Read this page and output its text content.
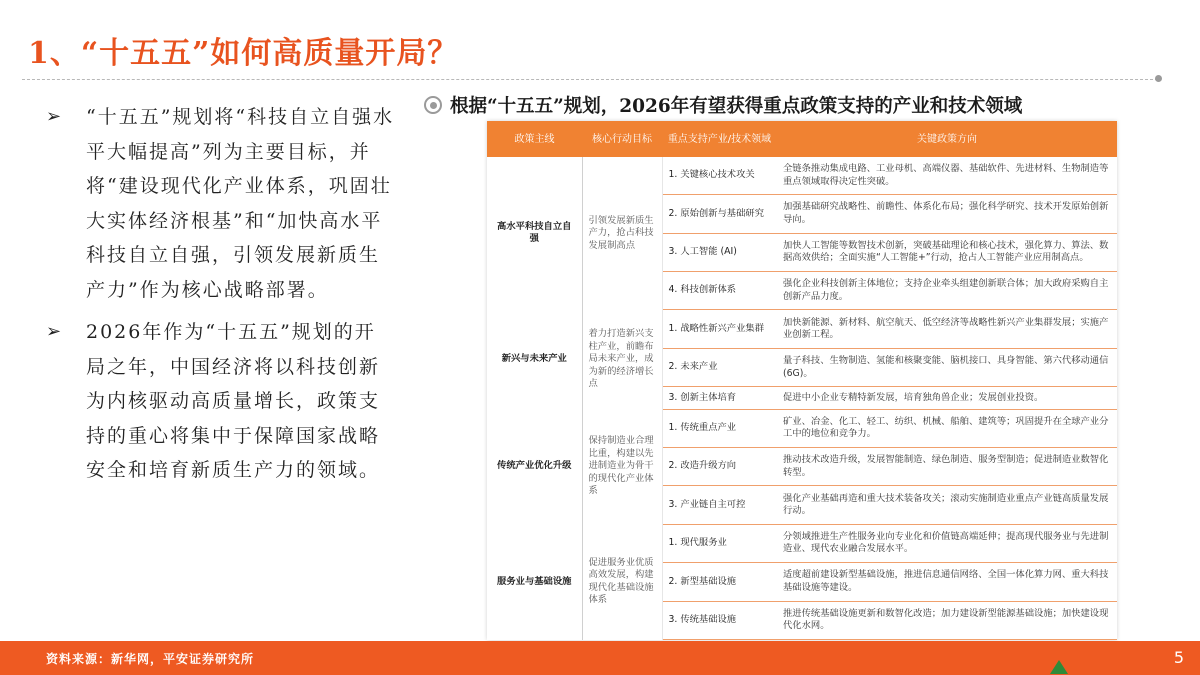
1、“十五五”如何高质量开局？
➢	“十五五”规划将“科技自立自强水平大幅提高”列为主要目标，并将“建设现代化产业体系，巩固壮大实体经济根基”和“加快高水平科技自立自强，引领发展新质生产力”作为核心战略部署。
➢	2026年作为“十五五”规划的开局之年，中国经济将以科技创新为内核驱动高质量增长，政策支持的重心将集中于保障国家战略安全和培育新质生产力的领域。
根据“十五五”规划，2026年有望获得重点政策支持的产业和技术领域
政策主线	核心行动目标	重点支持产业/技术领域	关键政策方向
高水平科技自立自强	引领发展新质生产力，抢占科技发展制高点	1. 关键核心技术攻关	全链条推动集成电路、工业母机、高端仪器、基础软件、先进材料、生物制造等重点领域取得决定性突破。
		2. 原始创新与基础研究	加强基础研究战略性、前瞻性、体系化布局；强化科学研究、技术开发原始创新导向。
		3. 人工智能 (AI)	加快人工智能等数智技术创新，突破基础理论和核心技术，强化算力、算法、数据高效供给；全面实施“人工智能+”行动，抢占人工智能产业应用制高点。
		4. 科技创新体系	强化企业科技创新主体地位；支持企业牵头组建创新联合体；加大政府采购自主创新产品力度。
新兴与未来产业	着力打造新兴支柱产业，前瞻布局未来产业，成为新的经济增长点	1. 战略性新兴产业集群	加快新能源、新材料、航空航天、低空经济等战略性新兴产业集群发展；实施产业创新工程。
		2. 未来产业	量子科技、生物制造、氢能和核聚变能、脑机接口、具身智能、第六代移动通信(6G)。
		3. 创新主体培育	促进中小企业专精特新发展，培育独角兽企业；发展创业投资。
传统产业优化升级	保持制造业合理比重，构建以先进制造业为骨干的现代化产业体系	1. 传统重点产业	矿业、冶金、化工、轻工、纺织、机械、船舶、建筑等；巩固提升在全球产业分工中的地位和竞争力。
		2. 改造升级方向	推动技术改造升级，发展智能制造、绿色制造、服务型制造；促进制造业数智化转型。
		3. 产业链自主可控	强化产业基础再造和重大技术装备攻关；滚动实施制造业重点产业链高质量发展行动。
服务业与基础设施	促进服务业优质高效发展，构建现代化基础设施体系	1. 现代服务业	分领域推进生产性服务业向专业化和价值链高端延伸；提高现代服务业与先进制造业、现代农业融合发展水平。
		2. 新型基础设施	适度超前建设新型基础设施，推进信息通信网络、全国一体化算力网、重大科技基础设施等建设。
		3. 传统基础设施	推进传统基础设施更新和数智化改造；加力建设新型能源基础设施；加快建设现代化水网。
资料来源：新华网，平安证券研究所	5
